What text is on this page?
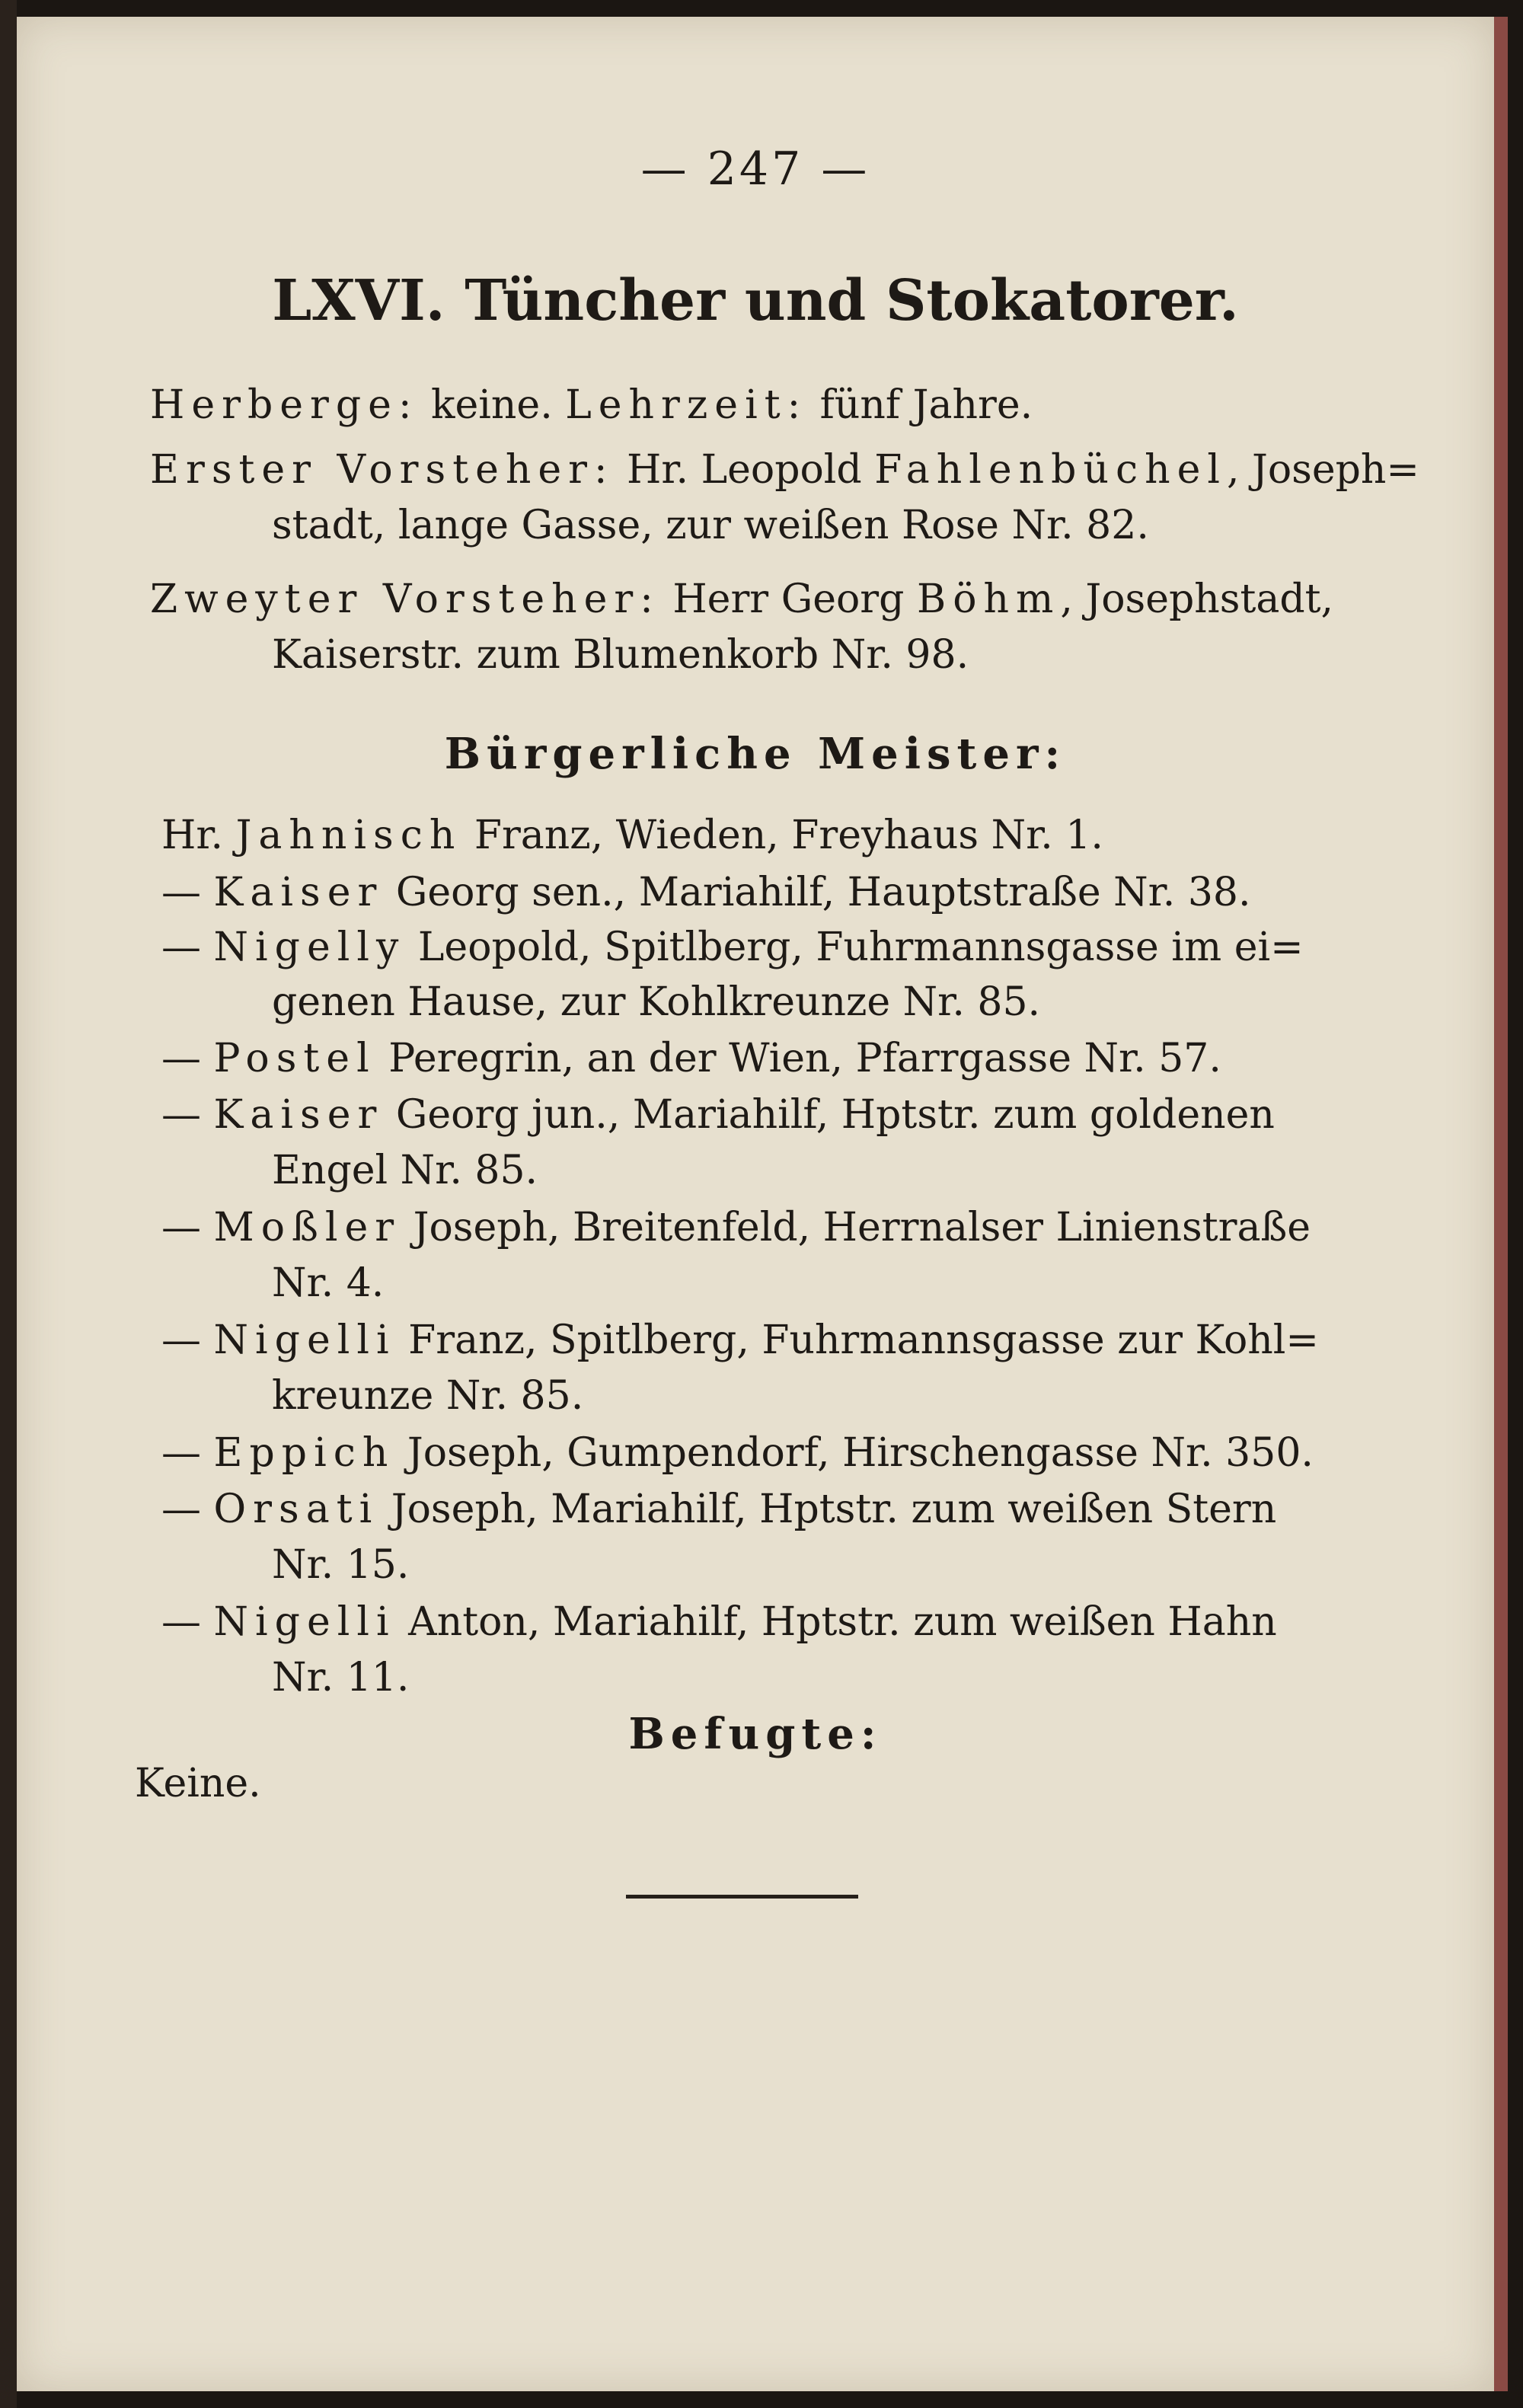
— 247 —
LXVI. Tüncher und Stokatorer.
Herberge: keine. Lehrzeit: fünf Jahre.
Erster Vorsteher: Hr. Leopold Fahlenbüchel, Joseph=
stadt, lange Gasse, zur weißen Rose Nr. 82.
Zweyter Vorsteher: Herr Georg Böhm, Josephstadt,
Kaiserstr. zum Blumenkorb Nr. 98.
Bürgerliche Meister:
Hr. Jahnisch Franz, Wieden, Freyhaus Nr. 1.
— Kaiser Georg sen., Mariahilf, Hauptstraße Nr. 38.
— Nigelly Leopold, Spitlberg, Fuhrmannsgasse im ei=
genen Hause, zur Kohlkreunze Nr. 85.
— Postel Peregrin, an der Wien, Pfarrgasse Nr. 57.
— Kaiser Georg jun., Mariahilf, Hptstr. zum goldenen
Engel Nr. 85.
— Moßler Joseph, Breitenfeld, Herrnalser Linienstraße
Nr. 4.
— Nigelli Franz, Spitlberg, Fuhrmannsgasse zur Kohl=
kreunze Nr. 85.
— Eppich Joseph, Gumpendorf, Hirschengasse Nr. 350.
— Orsati Joseph, Mariahilf, Hptstr. zum weißen Stern
Nr. 15.
— Nigelli Anton, Mariahilf, Hptstr. zum weißen Hahn
Nr. 11.
Befugte:
Keine.
